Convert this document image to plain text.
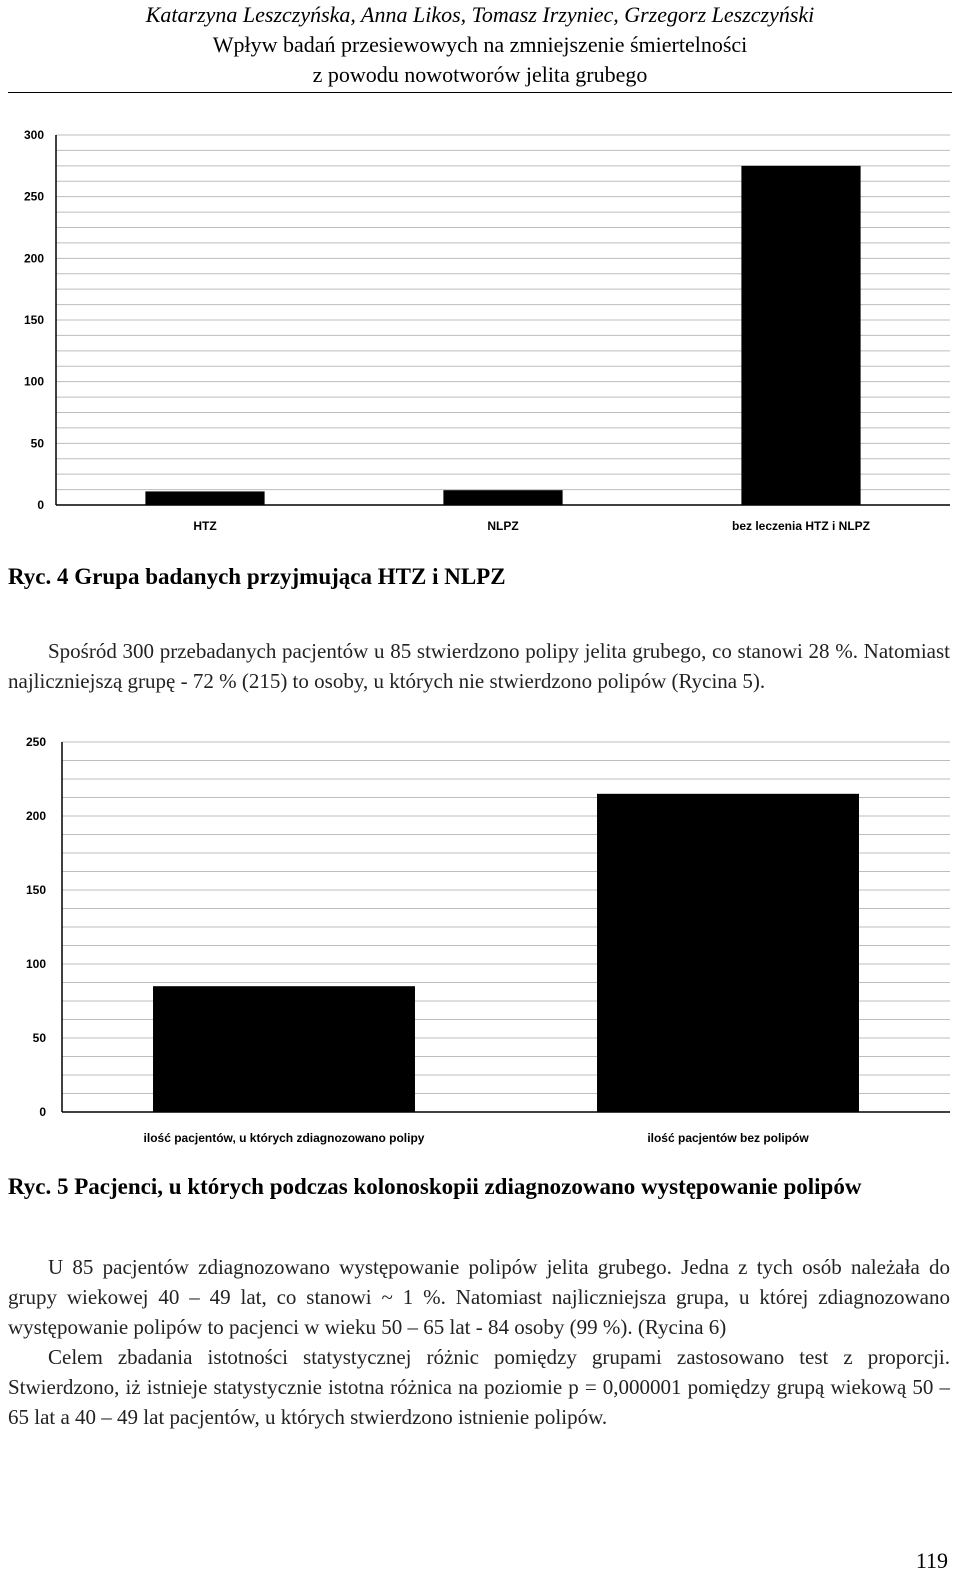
Katarzyna Leszczyńska, Anna Likos, Tomasz Irzyniec, Grzegorz Leszczyński
Wpływ badań przesiewowych na zmniejszenie śmiertelności
z powodu nowotworów jelita grubego
0
50
100
150
200
250
300
HTZ	NLPZ	bez leczenia HTZ i NLPZ
Ryc. 4 Grupa badanych przyjmująca HTZ i NLPZ

Spośród 300 przebadanych pacjentów u 85 stwierdzono polipy jelita grubego, co stanowi 28 %. Natomiast najliczniejszą grupę - 72 % (215) to osoby, u których nie stwierdzono polipów (Rycina 5).

0
50
100
150
200
250
ilość pacjentów, u których zdiagnozowano polipy	ilość pacjentów bez polipów
Ryc. 5 Pacjenci, u których podczas kolonoskopii zdiagnozowano występowanie polipów

U 85 pacjentów zdiagnozowano występowanie polipów jelita grubego. Jedna z tych osób należała do grupy wiekowej 40 – 49 lat, co stanowi ~ 1 %. Natomiast najliczniejsza grupa, u której zdiagnozowano występowanie polipów to pacjenci w wieku 50 – 65 lat - 84 osoby (99 %). (Rycina 6)

Celem zbadania istotności statystycznej różnic pomiędzy grupami zastosowano test z proporcji. Stwierdzono, iż istnieje statystycznie istotna różnica na poziomie p = 0,000001 pomiędzy grupą wiekową 50 – 65 lat a 40 – 49 lat pacjentów, u których stwierdzono istnienie polipów.

119
